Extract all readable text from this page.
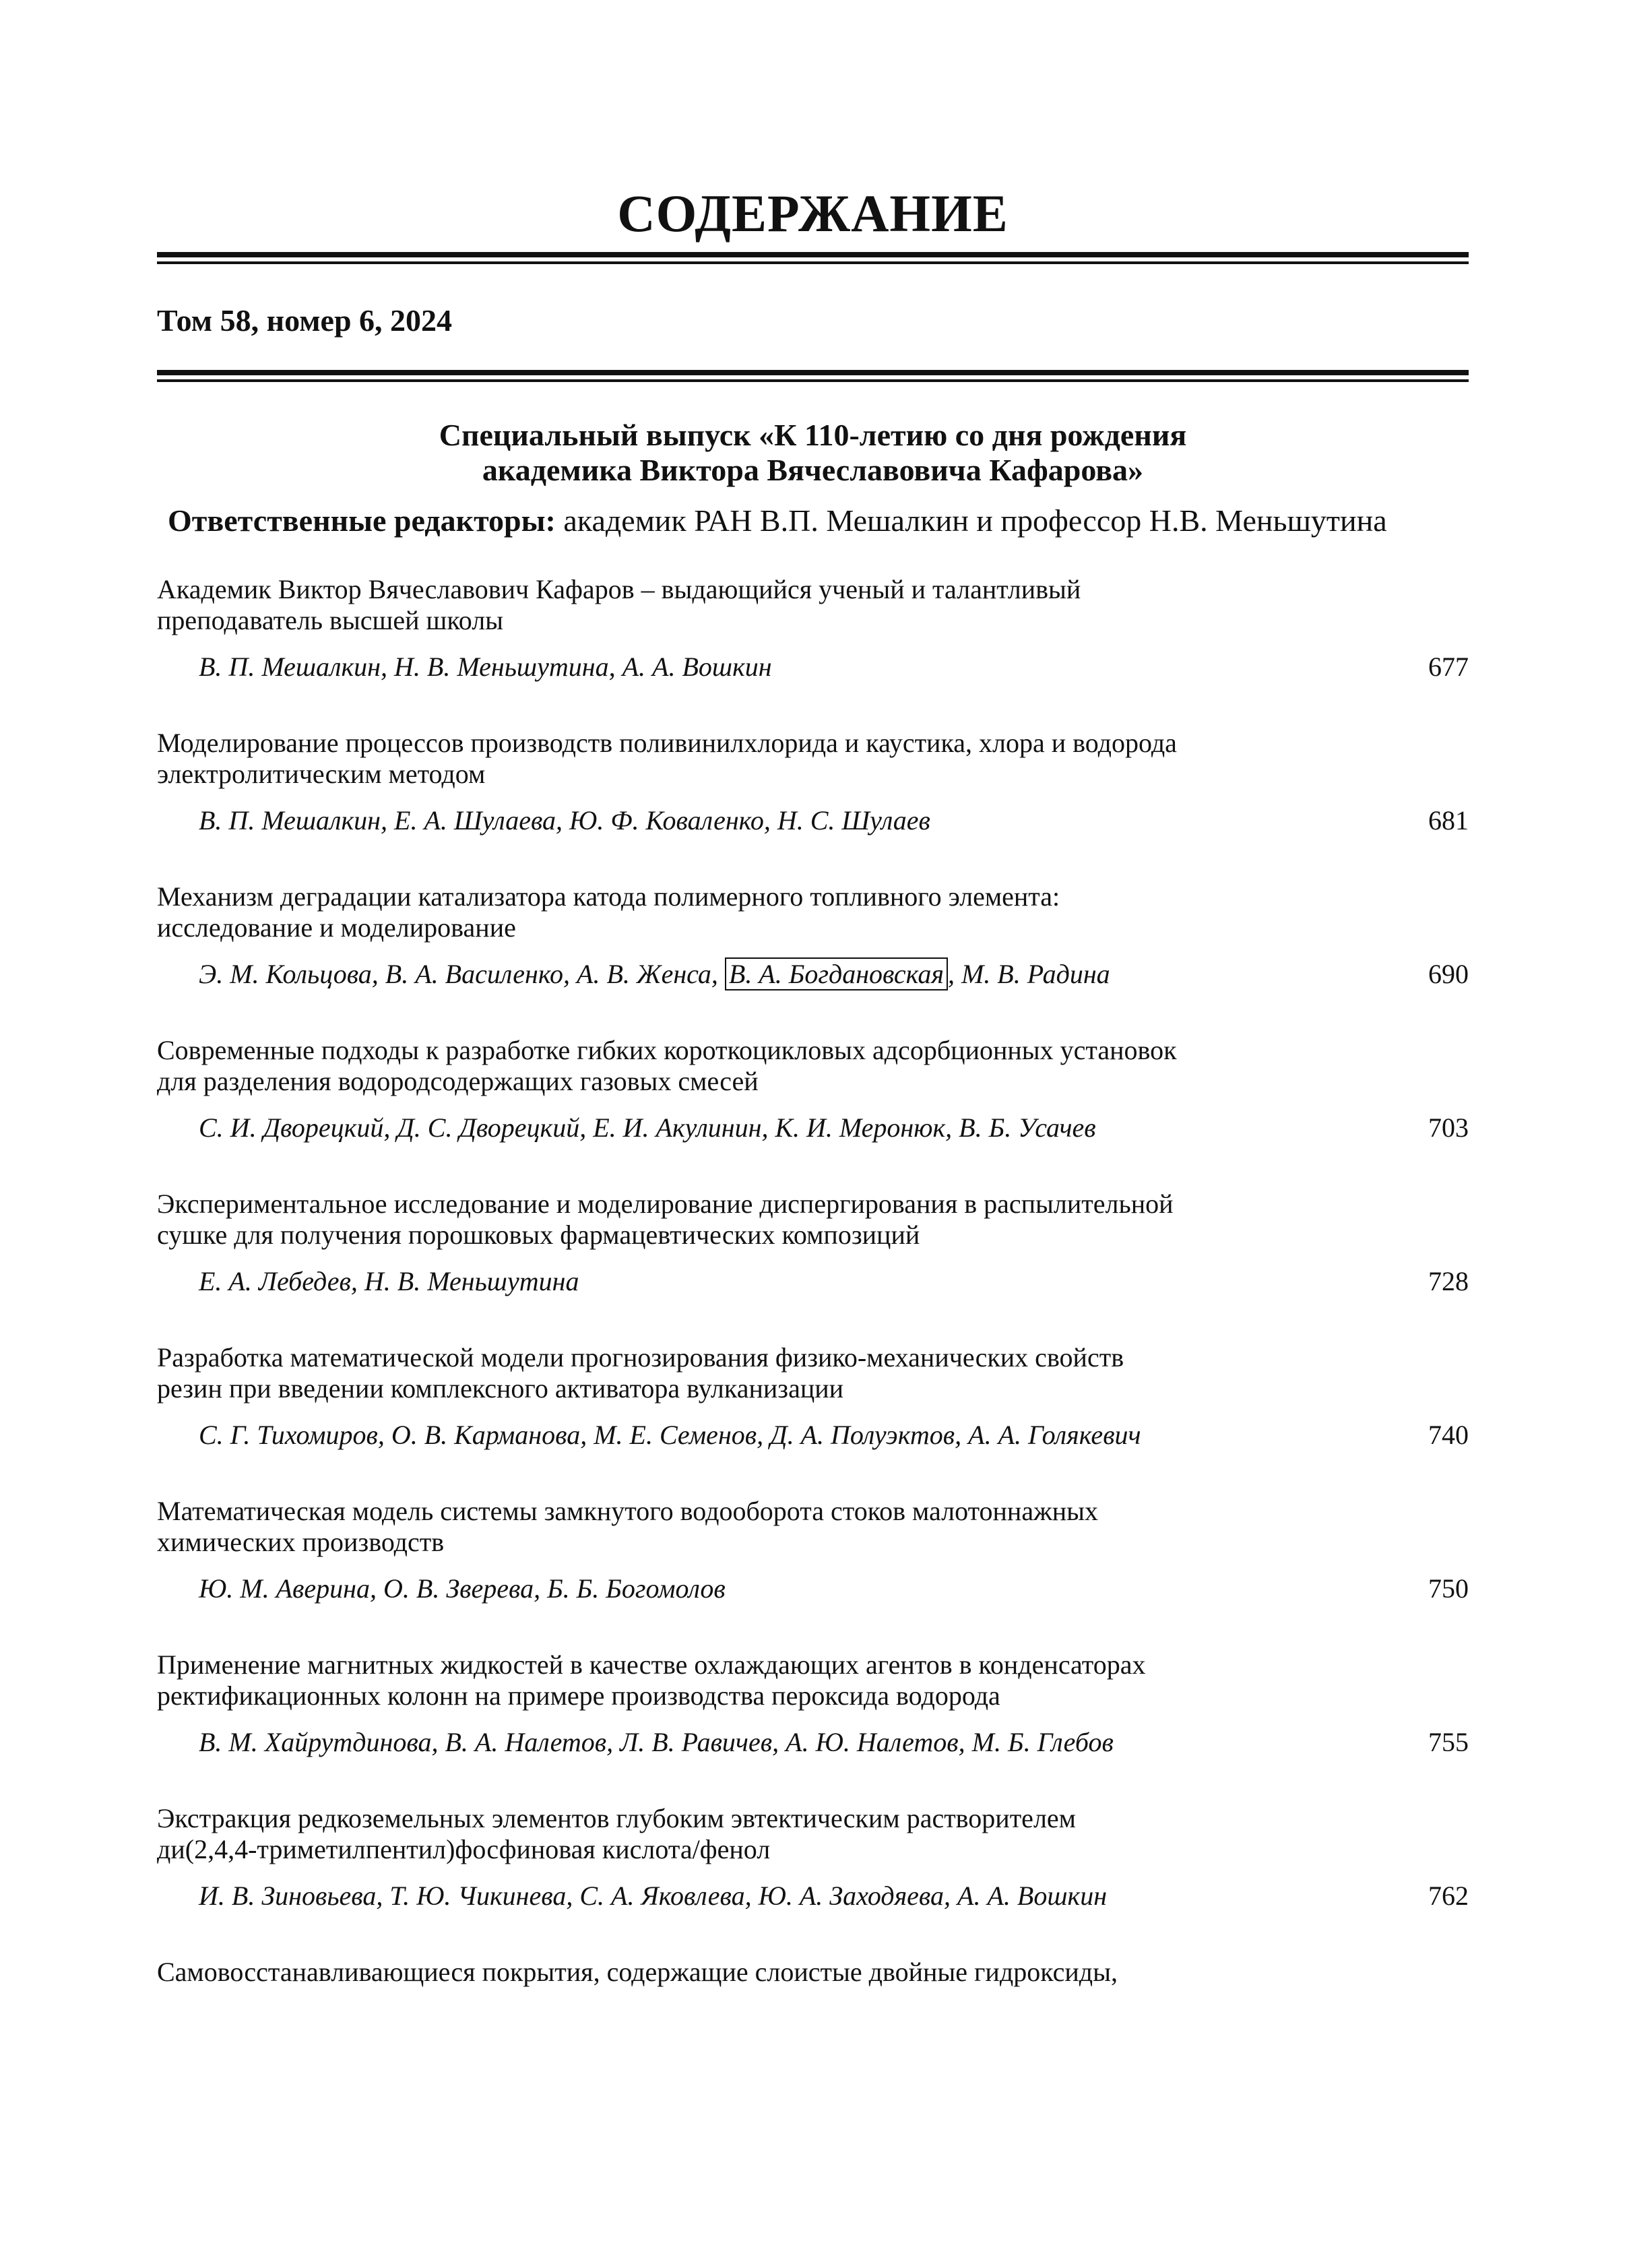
СОДЕРЖАНИЕ
Том 58, номер 6, 2024
Специальный выпуск «К 110-летию со дня рождения
академика Виктора Вячеславовича Кафарова»
Ответственные редакторы: академик РАН В.П. Мешалкин и профессор Н.В. Меньшутина
Академик Виктор Вячеславович Кафаров – выдающийся ученый и талантливый
преподаватель высшей школы
В. П. Мешалкин, Н. В. Меньшутина, А. А. Вошкин	677
Моделирование процессов производств поливинилхлорида и каустика, хлора и водорода
электролитическим методом
В. П. Мешалкин, Е. А. Шулаева, Ю. Ф. Коваленко, Н. С. Шулаев	681
Механизм деградации катализатора катода полимерного топливного элемента:
исследование и моделирование
Э. М. Кольцова, В. А. Василенко, А. В. Женса, В. А. Богдановская , М. В. Радина	690
Современные подходы к разработке гибких короткоцикловых адсорбционных установок
для разделения водородсодержащих газовых смесей
С. И. Дворецкий, Д. С. Дворецкий, Е. И. Акулинин, К. И. Меронюк, В. Б. Усачев	703
Экспериментальное исследование и моделирование диспергирования в распылительной
сушке для получения порошковых фармацевтических композиций
Е. А. Лебедев, Н. В. Меньшутина	728
Разработка математической модели прогнозирования физико-механических свойств
резин при введении комплексного активатора вулканизации
С. Г. Тихомиров, О. В. Карманова, М. Е. Семенов, Д. А. Полуэктов, А. А. Голякевич	740
Математическая модель системы замкнутого водооборота стоков малотоннажных
химических производств
Ю. М. Аверина, О. В. Зверева, Б. Б. Богомолов	750
Применение магнитных жидкостей в качестве охлаждающих агентов в конденсаторах
ректификационных колонн на примере производства пероксида водорода
В. М. Хайрутдинова, В. А. Налетов, Л. В. Равичев, А. Ю. Налетов, М. Б. Глебов	755
Экстракция редкоземельных элементов глубоким эвтектическим растворителем
ди(2,4,4-триметилпентил)фосфиновая кислота/фенол
И. В. Зиновьева, Т. Ю. Чикинева, С. А. Яковлева, Ю. А. Заходяева, А. А. Вошкин	762
Самовосстанавливающиеся покрытия, содержащие слоистые двойные гидроксиды,
